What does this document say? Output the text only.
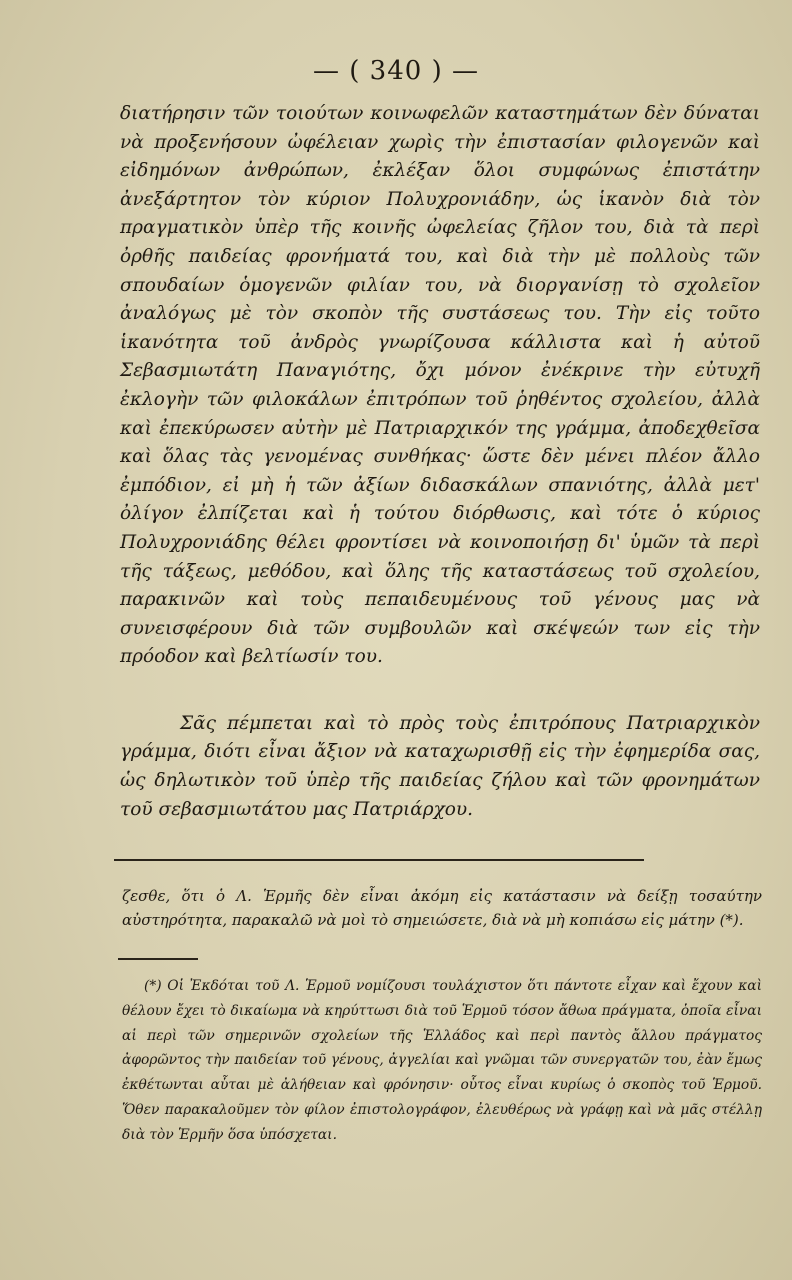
— ( 340 ) —

διατήρησιν τῶν τοιούτων κοινωφελῶν καταστημάτων δὲν δύναται νὰ προξενήσουν ὠφέλειαν χωρὶς τὴν ἐπιστασίαν φιλογενῶν καὶ εἰδημόνων ἀνθρώπων, ἐκλέξαν ὅλοι συμφώνως ἐπιστάτην ἀνεξάρτητον τὸν κύριον Πολυχρονιάδην, ὡς ἱκανὸν διὰ τὸν πραγματικὸν ὑπὲρ τῆς κοινῆς ὠφελείας ζῆλον του, διὰ τὰ περὶ ὀρθῆς παιδείας φρονήματά του, καὶ διὰ τὴν μὲ πολλοὺς τῶν σπουδαίων ὁμογενῶν φιλίαν του, νὰ διοργανίσῃ τὸ σχολεῖον ἀναλόγως μὲ τὸν σκοπὸν τῆς συστάσεως του. Τὴν εἰς τοῦτο ἱκανότητα τοῦ ἀνδρὸς γνωρίζουσα κάλλιστα καὶ ἡ αὐτοῦ Σεβασμιωτάτη Παναγιότης, ὄχι μόνον ἐνέκρινε τὴν εὐτυχῆ ἐκλογὴν τῶν φιλοκάλων ἐπιτρόπων τοῦ ῥηθέντος σχολείου, ἀλλὰ καὶ ἐπεκύρωσεν αὐτὴν μὲ Πατριαρχικόν της γράμμα, ἀποδεχθεῖσα καὶ ὅλας τὰς γενομένας συνθήκας· ὥστε δὲν μένει πλέον ἄλλο ἐμπόδιον, εἰ μὴ ἡ τῶν ἀξίων διδασκάλων σπανιότης, ἀλλὰ μετ' ὀλίγον ἐλπίζεται καὶ ἡ τούτου διόρθωσις, καὶ τότε ὁ κύριος Πολυχρονιάδης θέλει φροντίσει νὰ κοινοποιήσῃ δι' ὑμῶν τὰ περὶ τῆς τάξεως, μεθόδου, καὶ ὅλης τῆς καταστάσεως τοῦ σχολείου, παρακινῶν καὶ τοὺς πεπαιδευμένους τοῦ γένους μας νὰ συνεισφέρουν διὰ τῶν συμβουλῶν καὶ σκέψεών των εἰς τὴν πρόοδον καὶ βελτίωσίν του.

Σᾶς πέμπεται καὶ τὸ πρὸς τοὺς ἐπιτρόπους Πατριαρχικὸν γράμμα, διότι εἶναι ἄξιον νὰ καταχωρισθῇ εἰς τὴν ἐφημερίδα σας, ὡς δηλωτικὸν τοῦ ὑπὲρ τῆς παιδείας ζήλου καὶ τῶν φρονημάτων τοῦ σεβασμιωτάτου μας Πατριάρχου.

ζεσθε, ὅτι ὁ Λ. Ἑρμῆς δὲν εἶναι ἀκόμη εἰς κατάστασιν νὰ δείξῃ τοσαύτην αὐστηρότητα, παρακαλῶ νὰ μοὶ τὸ σημειώσετε, διὰ νὰ μὴ κοπιάσω εἰς μάτην (*).
(*) Οἱ Ἐκδόται τοῦ Λ. Ἑρμοῦ νομίζουσι τουλάχιστον ὅτι πάντοτε εἶχαν καὶ ἔχουν καὶ θέλουν ἔχει τὸ δικαίωμα νὰ κηρύττωσι διὰ τοῦ Ἑρμοῦ τόσον ἄθωα πράγματα, ὁποῖα εἶναι αἱ περὶ τῶν σημερινῶν σχολείων τῆς Ἑλλάδος καὶ περὶ παντὸς ἄλλου πράγματος ἀφορῶντος τὴν παιδείαν τοῦ γένους, ἀγγελίαι καὶ γνῶμαι τῶν συνεργατῶν του, ἐὰν ἔμως ἐκθέτωνται αὗται μὲ ἀλήθειαν καὶ φρόνησιν· οὗτος εἶναι κυρίως ὁ σκοπὸς τοῦ Ἑρμοῦ. Ὅθεν παρακαλοῦμεν τὸν φίλον ἐπιστολογράφον, ἐλευθέρως νὰ γράφῃ καὶ νὰ μᾶς στέλλῃ διὰ τὸν Ἑρμῆν ὅσα ὑπόσχεται.
